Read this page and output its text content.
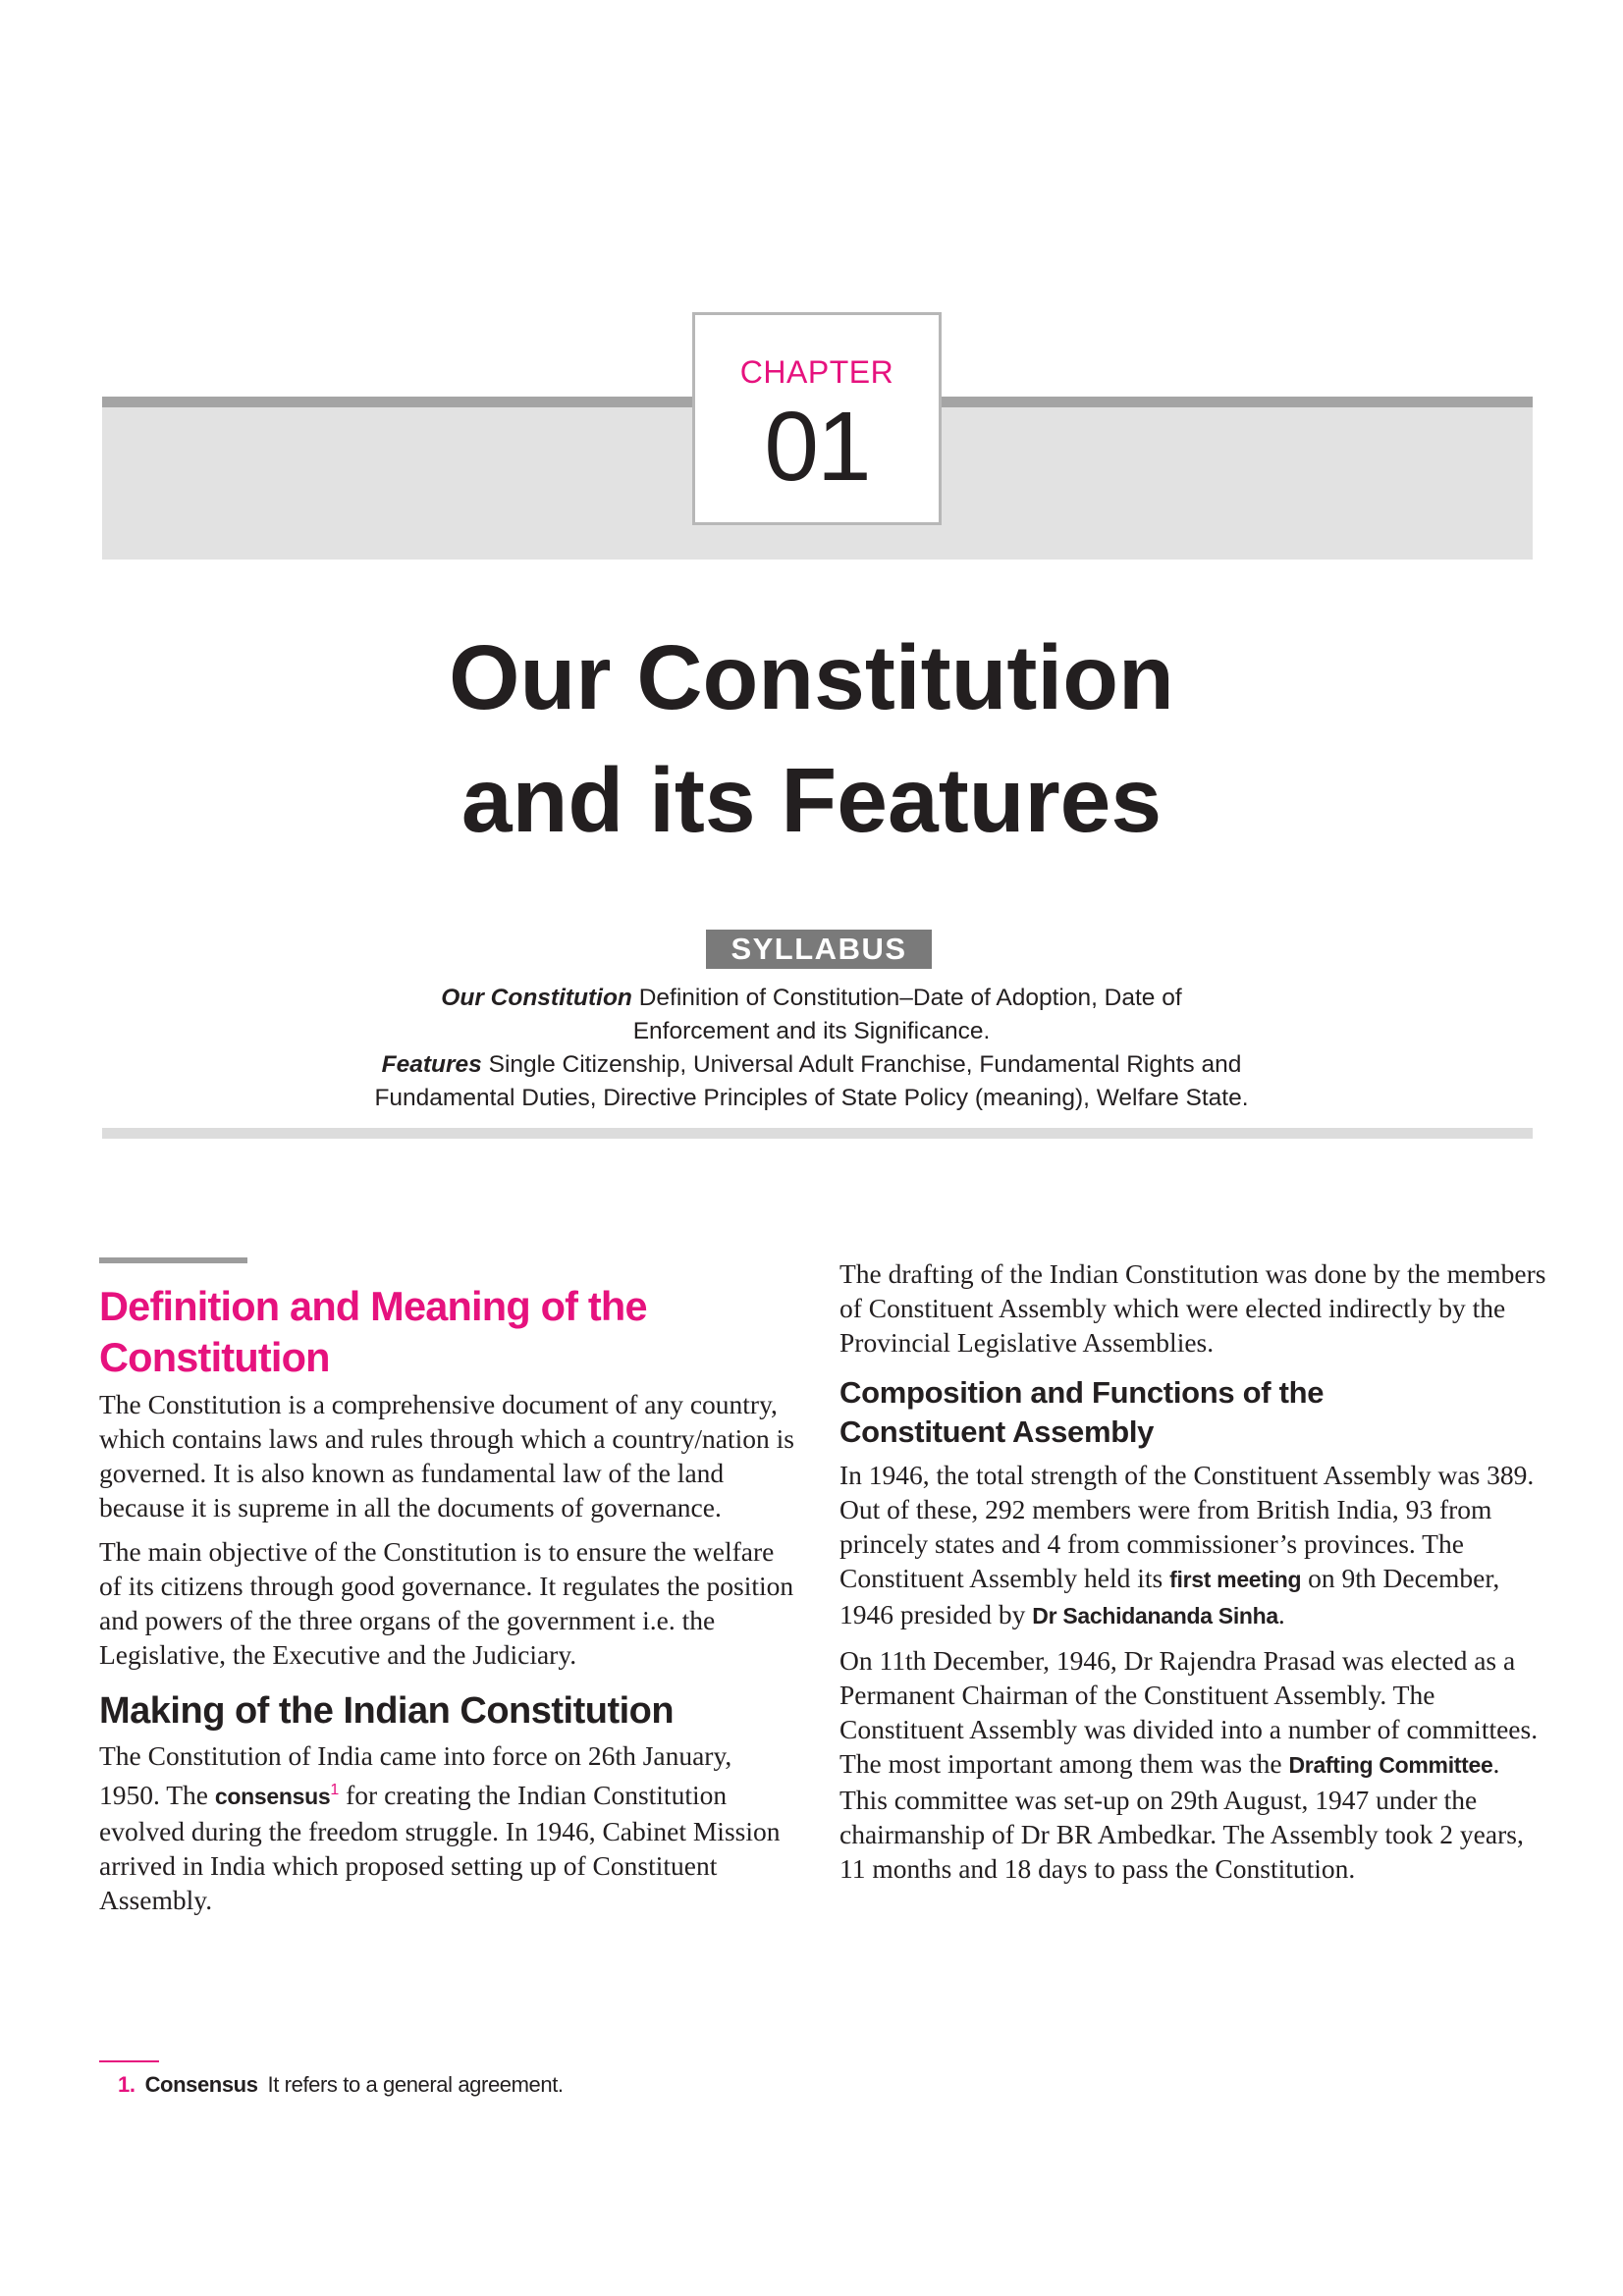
CHAPTER
01
Our Constitution
and its Features
SYLLABUS

Our Constitution Definition of Constitution–Date of Adoption, Date of

Enforcement and its Significance.

Features Single Citizenship, Universal Adult Franchise, Fundamental Rights and

Fundamental Duties, Directive Principles of State Policy (meaning), Welfare State.

Definition and Meaning of the
Constitution

The Constitution is a comprehensive document of any country, which contains laws and rules through which a country/nation is governed. It is also known as fundamental law of the land because it is supreme in all the documents of governance.

The main objective of the Constitution is to ensure the welfare of its citizens through good governance. It regulates the position and powers of the three organs of the government i.e. the Legislative, the Executive and the Judiciary.

Making of the Indian Constitution

The Constitution of India came into force on 26th January, 1950. The consensus$^1$ for creating the Indian Constitution evolved during the freedom struggle. In 1946, Cabinet Mission arrived in India which proposed setting up of Constituent Assembly.

The drafting of the Indian Constitution was done by the members of Constituent Assembly which were elected indirectly by the Provincial Legislative Assemblies.

Composition and Functions of the
Constituent Assembly

In 1946, the total strength of the Constituent Assembly was 389. Out of these, 292 members were from British India, 93 from princely states and 4 from commissioner’s provinces. The Constituent Assembly held its first meeting on 9th December, 1946 presided by Dr Sachidananda Sinha.

On 11th December, 1946, Dr Rajendra Prasad was elected as a Permanent Chairman of the Constituent Assembly. The Constituent Assembly was divided into a number of committees. The most important among them was the Drafting Committee. This committee was set-up on 29th August, 1947 under the chairmanship of Dr BR Ambedkar. The Assembly took 2 years, 11 months and 18 days to pass the Constitution.

1. Consensus It refers to a general agreement.
